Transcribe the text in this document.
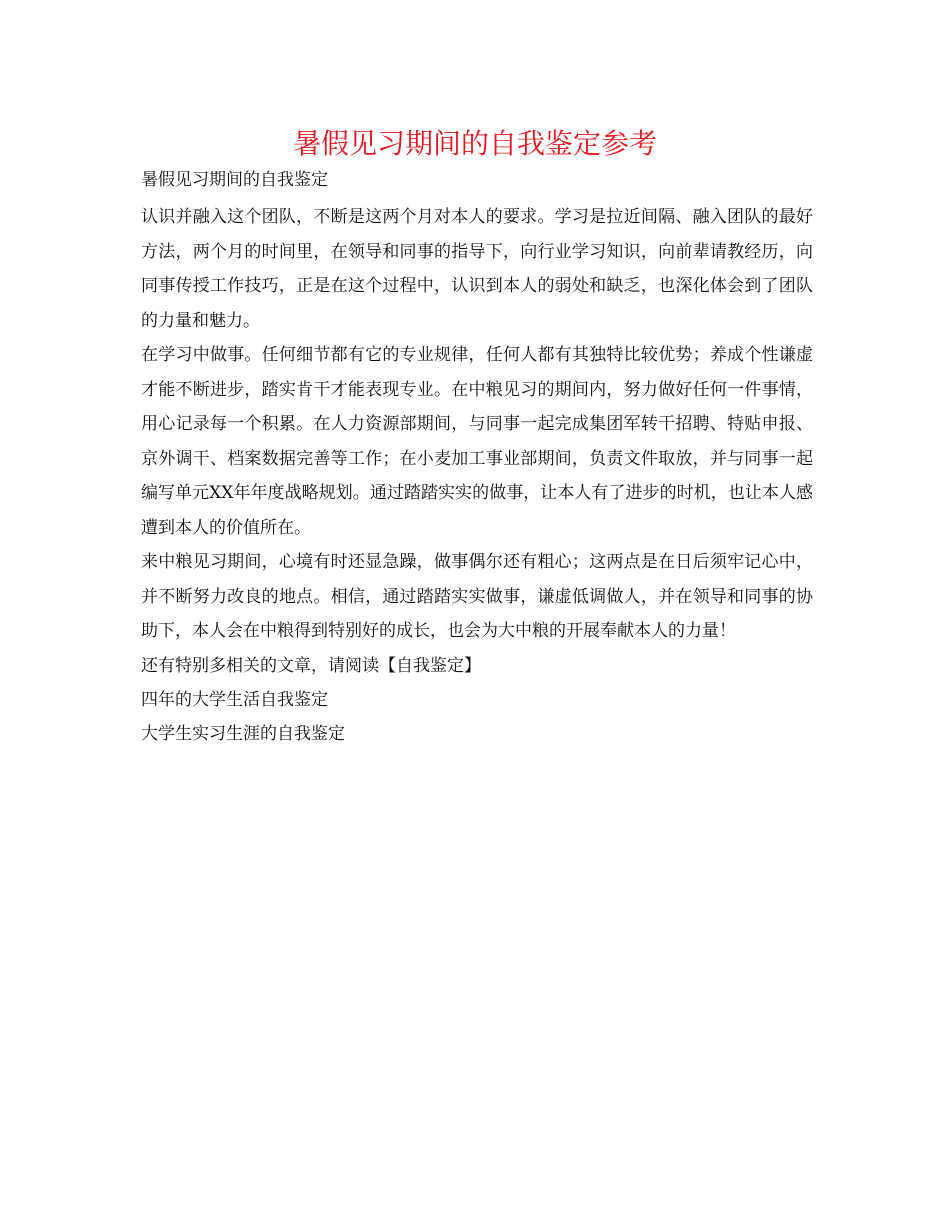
暑假见习期间的自我鉴定参考

暑假见习期间的自我鉴定

认识并融入这个团队，不断是这两个月对本人的要求。学习是拉近间隔、融入团队的最好方法，两个月的时间里，在领导和同事的指导下，向行业学习知识，向前辈请教经历，向同事传授工作技巧，正是在这个过程中，认识到本人的弱处和缺乏，也深化体会到了团队的力量和魅力。

在学习中做事。任何细节都有它的专业规律，任何人都有其独特比较优势；养成个性谦虚才能不断进步，踏实肯干才能表现专业。在中粮见习的期间内，努力做好任何一件事情，用心记录每一个积累。在人力资源部期间，与同事一起完成集团军转干招聘、特贴申报、京外调干、档案数据完善等工作；在小麦加工事业部期间，负责文件取放，并与同事一起编写单元XX年年度战略规划。通过踏踏实实的做事，让本人有了进步的时机，也让本人感遭到本人的价值所在。

来中粮见习期间，心境有时还显急躁，做事偶尔还有粗心；这两点是在日后须牢记心中，并不断努力改良的地点。相信，通过踏踏实实做事，谦虚低调做人，并在领导和同事的协助下，本人会在中粮得到特别好的成长，也会为大中粮的开展奉献本人的力量！

还有特别多相关的文章，请阅读【自我鉴定】

四年的大学生活自我鉴定

大学生实习生涯的自我鉴定
